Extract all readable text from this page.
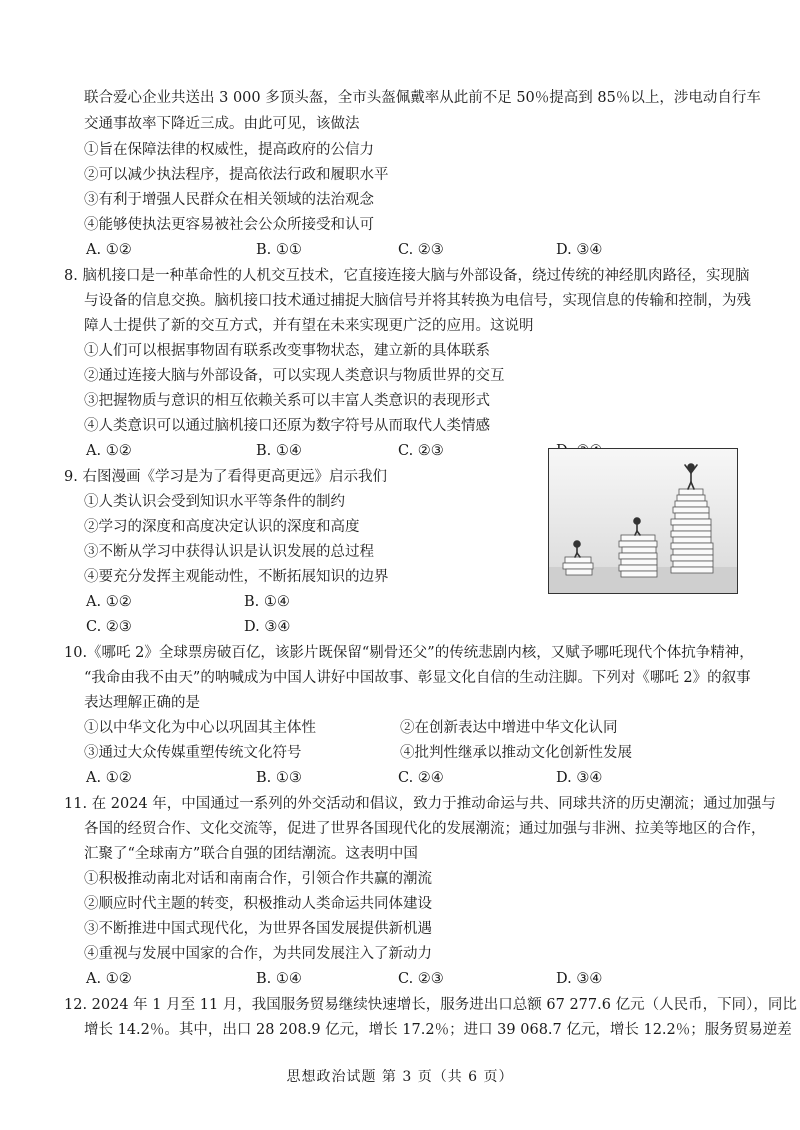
联合爱心企业共送出 3 000 多顶头盔，全市头盔佩戴率从此前不足 50％提高到 85％以上，涉电动自行车
交通事故率下降近三成。由此可见，该做法
①旨在保障法律的权威性，提高政府的公信力
②可以减少执法程序，提高依法行政和履职水平
③有利于增强人民群众在相关领域的法治观念
④能够使执法更容易被社会公众所接受和认可
A. ①②	B. ①①	C. ②③	D. ③④
8. 脑机接口是一种革命性的人机交互技术，它直接连接大脑与外部设备，绕过传统的神经肌肉路径，实现脑
与设备的信息交换。脑机接口技术通过捕捉大脑信号并将其转换为电信号，实现信息的传输和控制，为残
障人士提供了新的交互方式，并有望在未来实现更广泛的应用。这说明
①人们可以根据事物固有联系改变事物状态，建立新的具体联系
②通过连接大脑与外部设备，可以实现人类意识与物质世界的交互
③把握物质与意识的相互依赖关系可以丰富人类意识的表现形式
④人类意识可以通过脑机接口还原为数字符号从而取代人类情感
A. ①②	B. ①④	C. ②③
9. 右图漫画《学习是为了看得更高更远》启示我们
①人类认识会受到知识水平等条件的制约
②学习的深度和高度决定认识的深度和高度
③不断从学习中获得认识是认识发展的总过程
④要充分发挥主观能动性，不断拓展知识的边界
A. ①②	B. ①④
C. ②③	D. ③④
10.《哪吒 2》全球票房破百亿，该影片既保留“剔骨还父”的传统悲剧内核，又赋予哪吒现代个体抗争精神，
“我命由我不由天”的呐喊成为中国人讲好中国故事、彰显文化自信的生动注脚。下列对《哪吒 2》的叙事
表达理解正确的是
①以中华文化为中心以巩固其主体性	②在创新表达中增进中华文化认同
③通过大众传媒重塑传统文化符号	④批判性继承以推动文化创新性发展
A. ①②	B. ①③	C. ②④	D. ③④
11. 在 2024 年，中国通过一系列的外交活动和倡议，致力于推动命运与共、同球共济的历史潮流；通过加强与
各国的经贸合作、文化交流等，促进了世界各国现代化的发展潮流；通过加强与非洲、拉美等地区的合作，
汇聚了“全球南方”联合自强的团结潮流。这表明中国
①积极推动南北对话和南南合作，引领合作共赢的潮流
②顺应时代主题的转变，积极推动人类命运共同体建设
③不断推进中国式现代化，为世界各国发展提供新机遇
④重视与发展中国家的合作，为共同发展注入了新动力
A. ①②	B. ①④	C. ②③	D. ③④
12. 2024 年 1 月至 11 月，我国服务贸易继续快速增长，服务进出口总额 67 277.6 亿元（人民币，下同），同比
增长 14.2％。其中，出口 28 208.9 亿元，增长 17.2％；进口 39 068.7 亿元，增长 12.2％；服务贸易逆差
思想政治试题 第 3 页（共 6 页）
